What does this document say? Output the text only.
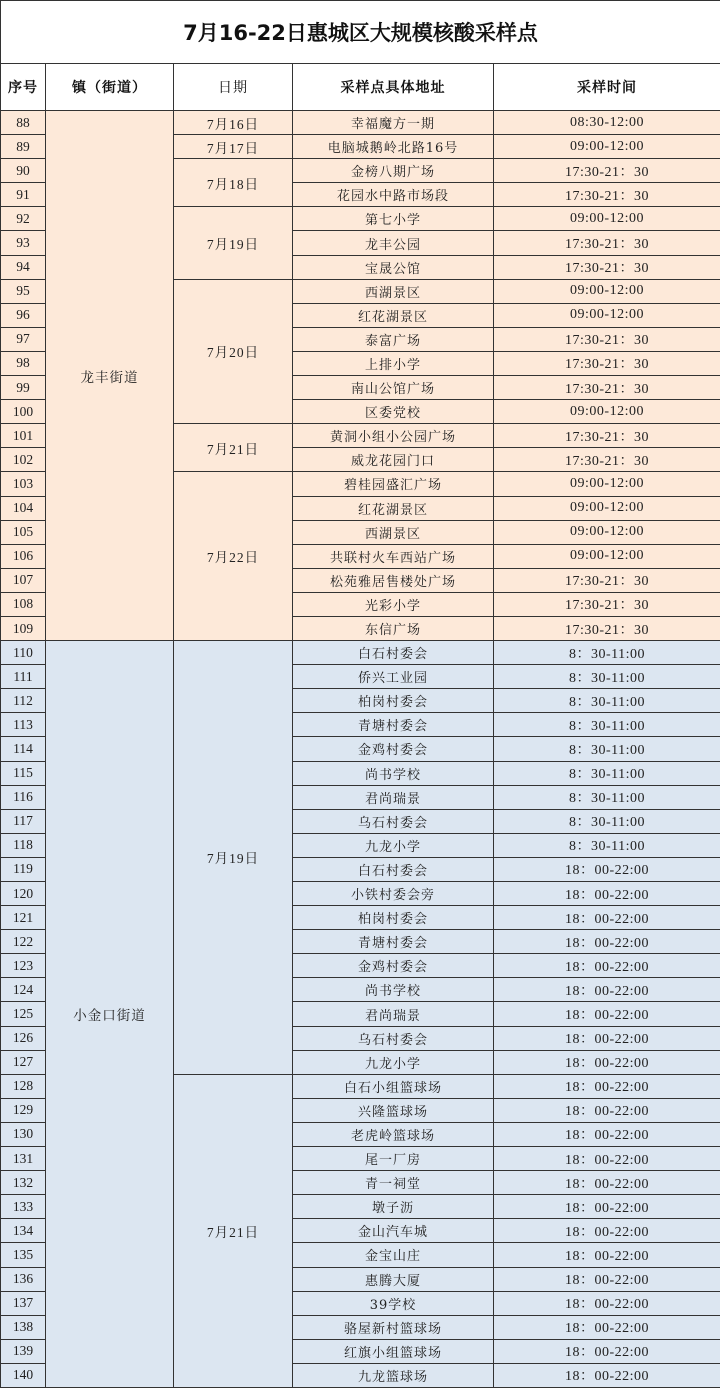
7月16-22日惠城区大规模核酸采样点				
序号	镇（街道）	日期	采样点具体地址	采样时间
88	龙丰街道	7月16日	幸福魔方一期	08:30-12:00
89		7月17日	电脑城鹅岭北路16号	09:00-12:00
90		7月18日	金榜八期广场	17:30-21：30
91			花园水中路市场段	17:30-21：30
92		7月19日	第七小学	09:00-12:00
93			龙丰公园	17:30-21：30
94			宝晟公馆	17:30-21：30
95		7月20日	西湖景区	09:00-12:00
96			红花湖景区	09:00-12:00
97			泰富广场	17:30-21：30
98			上排小学	17:30-21：30
99			南山公馆广场	17:30-21：30
100			区委党校	09:00-12:00
101		7月21日	黄洞小组小公园广场	17:30-21：30
102			威龙花园门口	17:30-21：30
103		7月22日	碧桂园盛汇广场	09:00-12:00
104			红花湖景区	09:00-12:00
105			西湖景区	09:00-12:00
106			共联村火车西站广场	09:00-12:00
107			松苑雅居售楼处广场	17:30-21：30
108			光彩小学	17:30-21：30
109			东信广场	17:30-21：30
110	小金口街道	7月19日	白石村委会	8：30-11:00
111			侨兴工业园	8：30-11:00
112			柏岗村委会	8：30-11:00
113			青塘村委会	8：30-11:00
114			金鸡村委会	8：30-11:00
115			尚书学校	8：30-11:00
116			君尚瑞景	8：30-11:00
117			乌石村委会	8：30-11:00
118			九龙小学	8：30-11:00
119			白石村委会	18：00-22:00
120			小铁村委会旁	18：00-22:00
121			柏岗村委会	18：00-22:00
122			青塘村委会	18：00-22:00
123			金鸡村委会	18：00-22:00
124			尚书学校	18：00-22:00
125			君尚瑞景	18：00-22:00
126			乌石村委会	18：00-22:00
127			九龙小学	18：00-22:00
128		7月21日	白石小组篮球场	18：00-22:00
129			兴隆篮球场	18：00-22:00
130			老虎岭篮球场	18：00-22:00
131			尾一厂房	18：00-22:00
132			青一祠堂	18：00-22:00
133			墩子沥	18：00-22:00
134			金山汽车城	18：00-22:00
135			金宝山庄	18：00-22:00
136			惠腾大厦	18：00-22:00
137			39学校	18：00-22:00
138			骆屋新村篮球场	18：00-22:00
139			红旗小组篮球场	18：00-22:00
140			九龙篮球场	18：00-22:00
